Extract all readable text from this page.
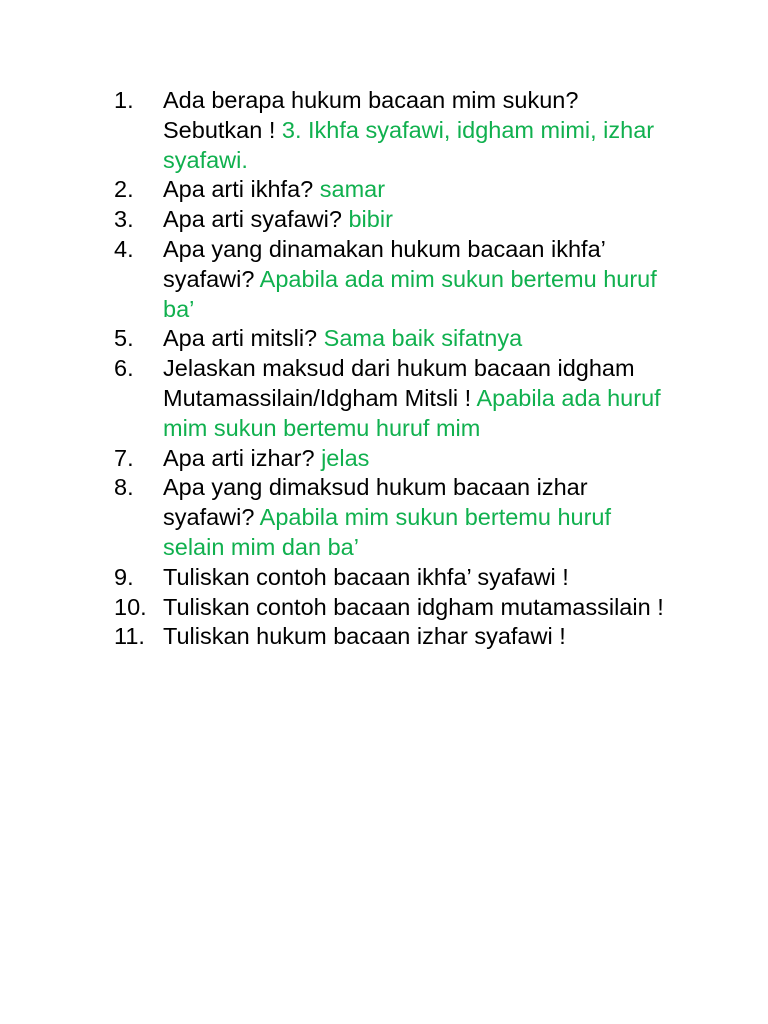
1.	Ada berapa hukum bacaan mim sukun? Sebutkan ! 3. Ikhfa syafawi, idgham mimi, izhar syafawi.
2.	Apa arti ikhfa? samar
3.	Apa arti syafawi? bibir
4.	Apa yang dinamakan hukum bacaan ikhfa’ syafawi? Apabila ada mim sukun bertemu huruf ba’
5.	Apa arti mitsli? Sama baik sifatnya
6.	Jelaskan maksud dari hukum bacaan idgham Mutamassilain/Idgham Mitsli ! Apabila ada huruf mim sukun bertemu huruf mim
7.	Apa arti izhar? jelas
8.	Apa yang dimaksud hukum bacaan izhar syafawi? Apabila mim sukun bertemu huruf selain mim dan ba’
9.	Tuliskan contoh bacaan ikhfa’ syafawi !
10. Tuliskan contoh bacaan idgham mutamassilain !
11. Tuliskan hukum bacaan izhar syafawi !
